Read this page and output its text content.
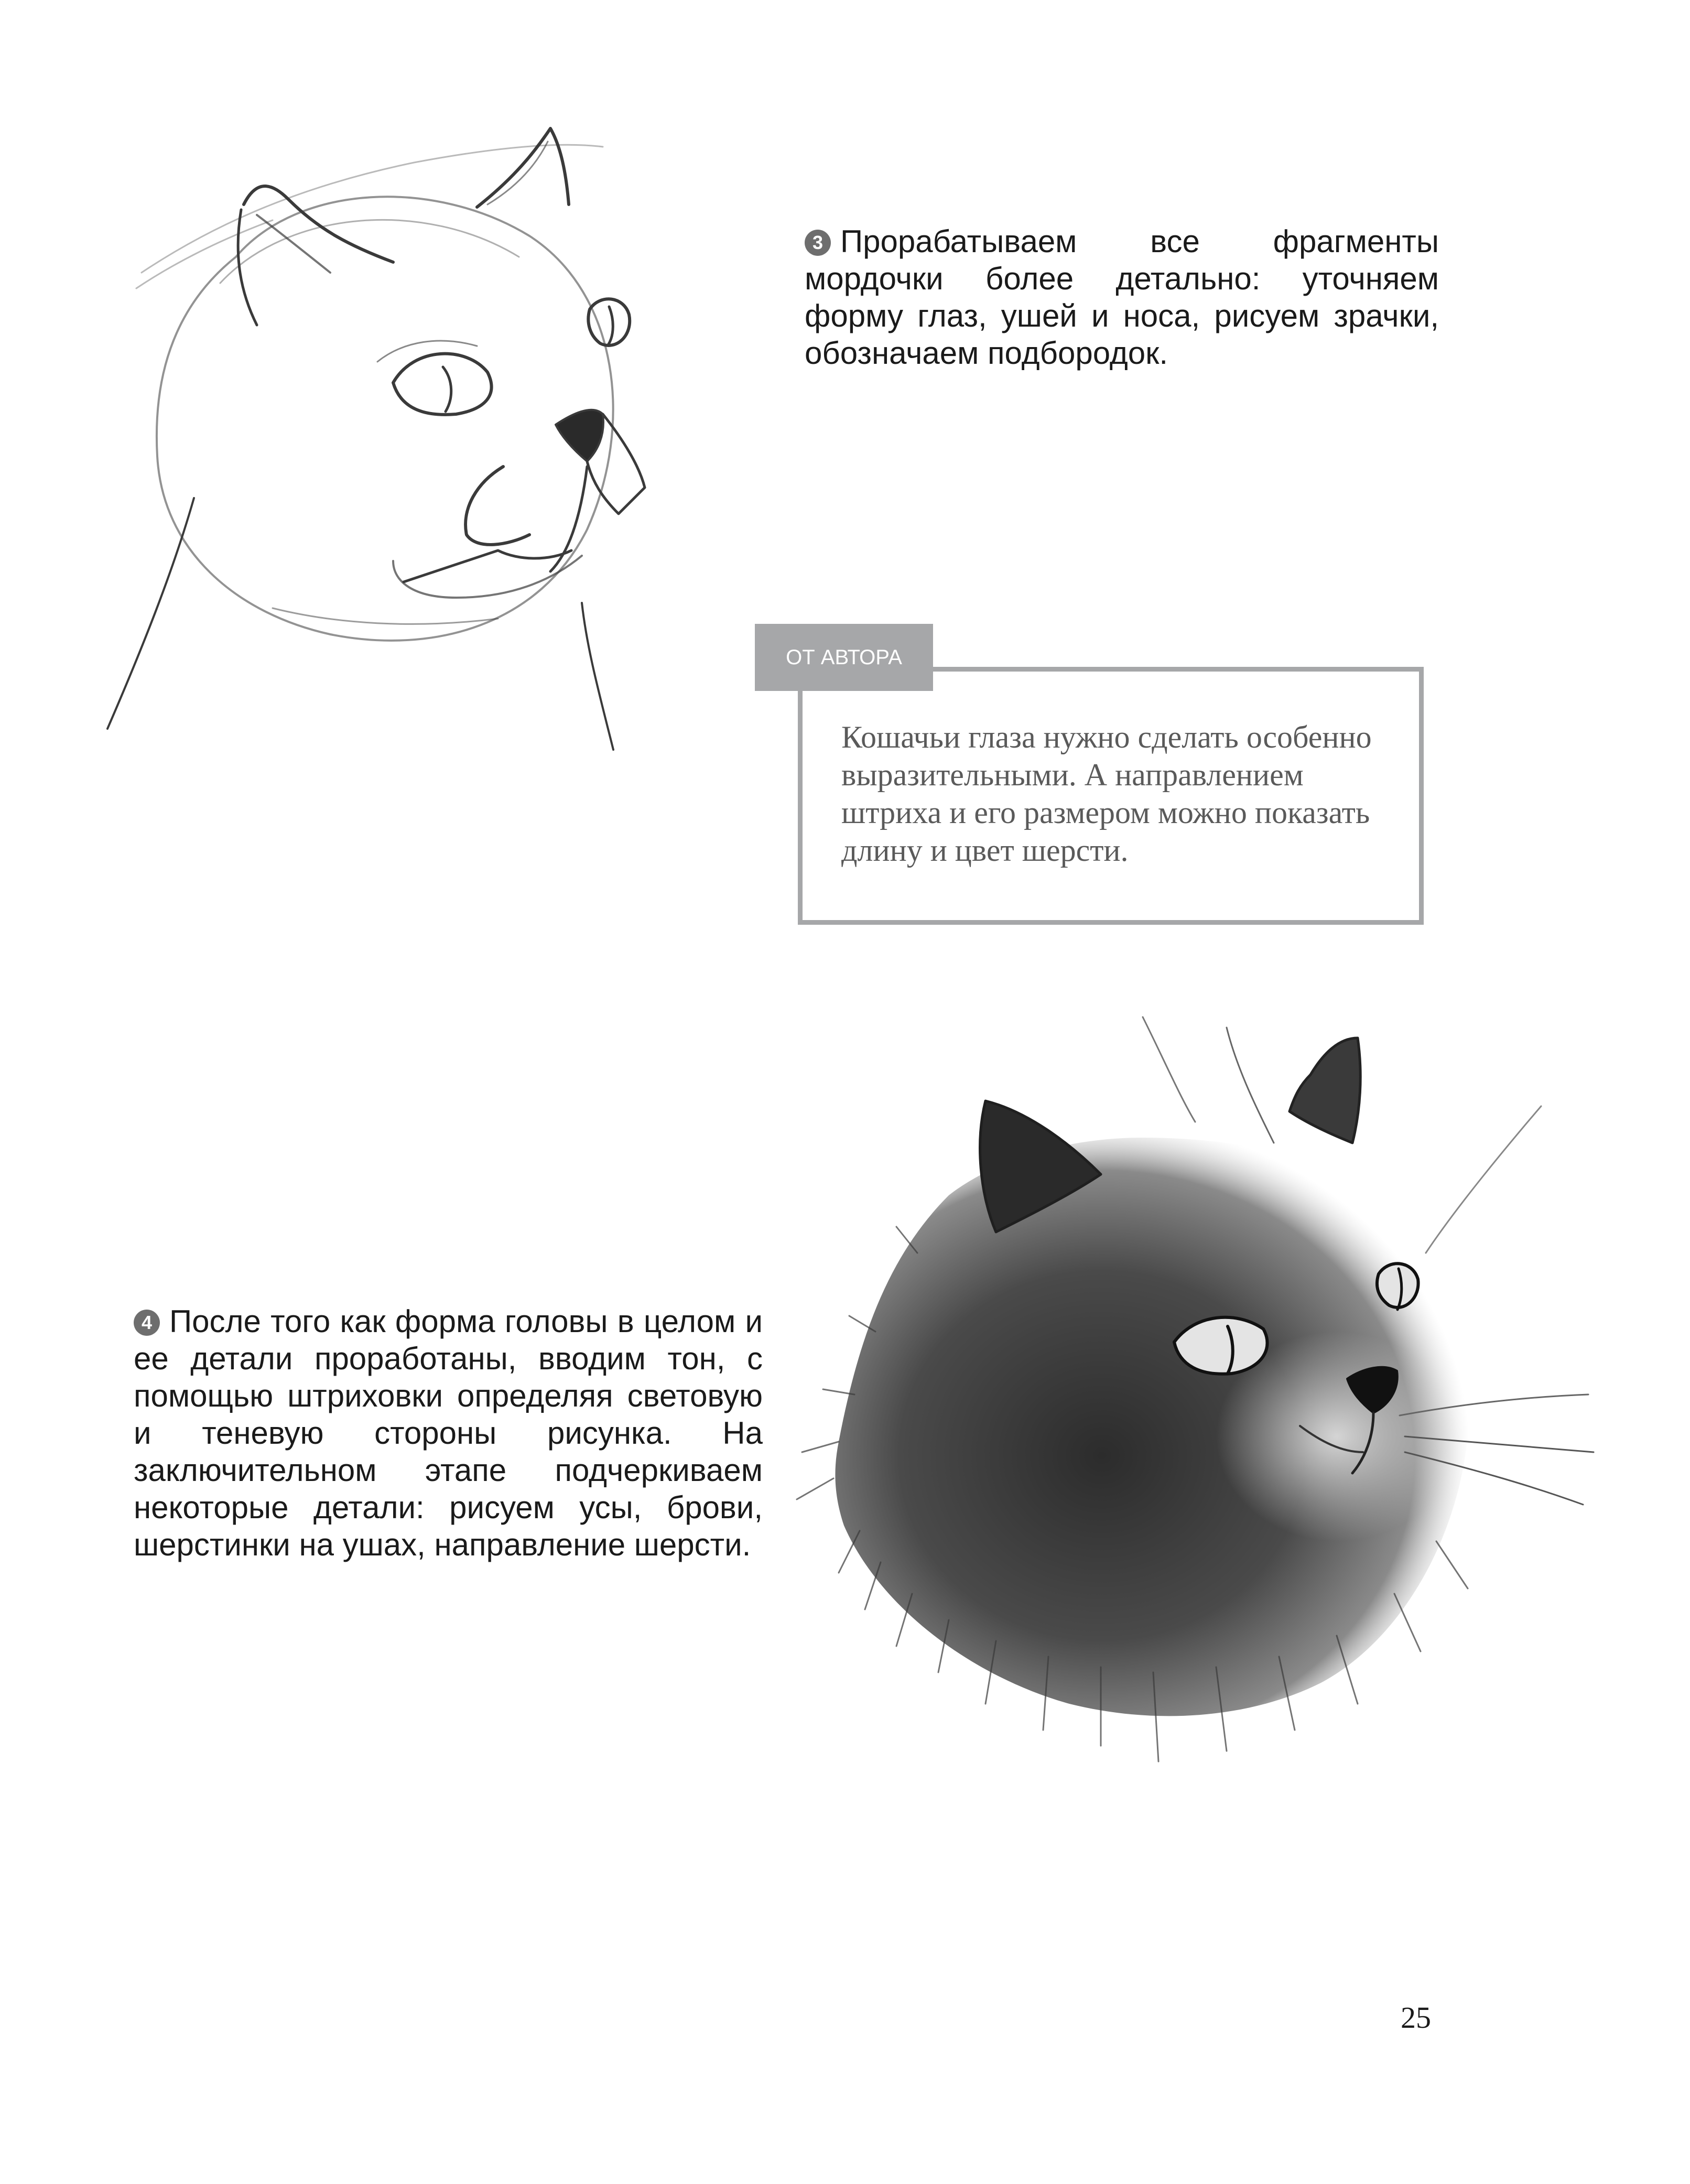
3 Прорабатываем все фрагменты мордочки более детально: уточняем форму глаз, ушей и носа, рисуем зрачки, обозначаем подбородок.
ОТ АВТОРА
Кошачьи глаза нужно сделать особенно выразительными. А направлением штриха и его размером можно показать длину и цвет шерсти.
4 После того как форма головы в целом и ее детали проработаны, вводим тон, с помощью штриховки определяя световую и теневую стороны рисунка. На заключительном этапе подчеркиваем некоторые детали: рисуем усы, брови, шерстинки на ушах, направление шерсти.
25
